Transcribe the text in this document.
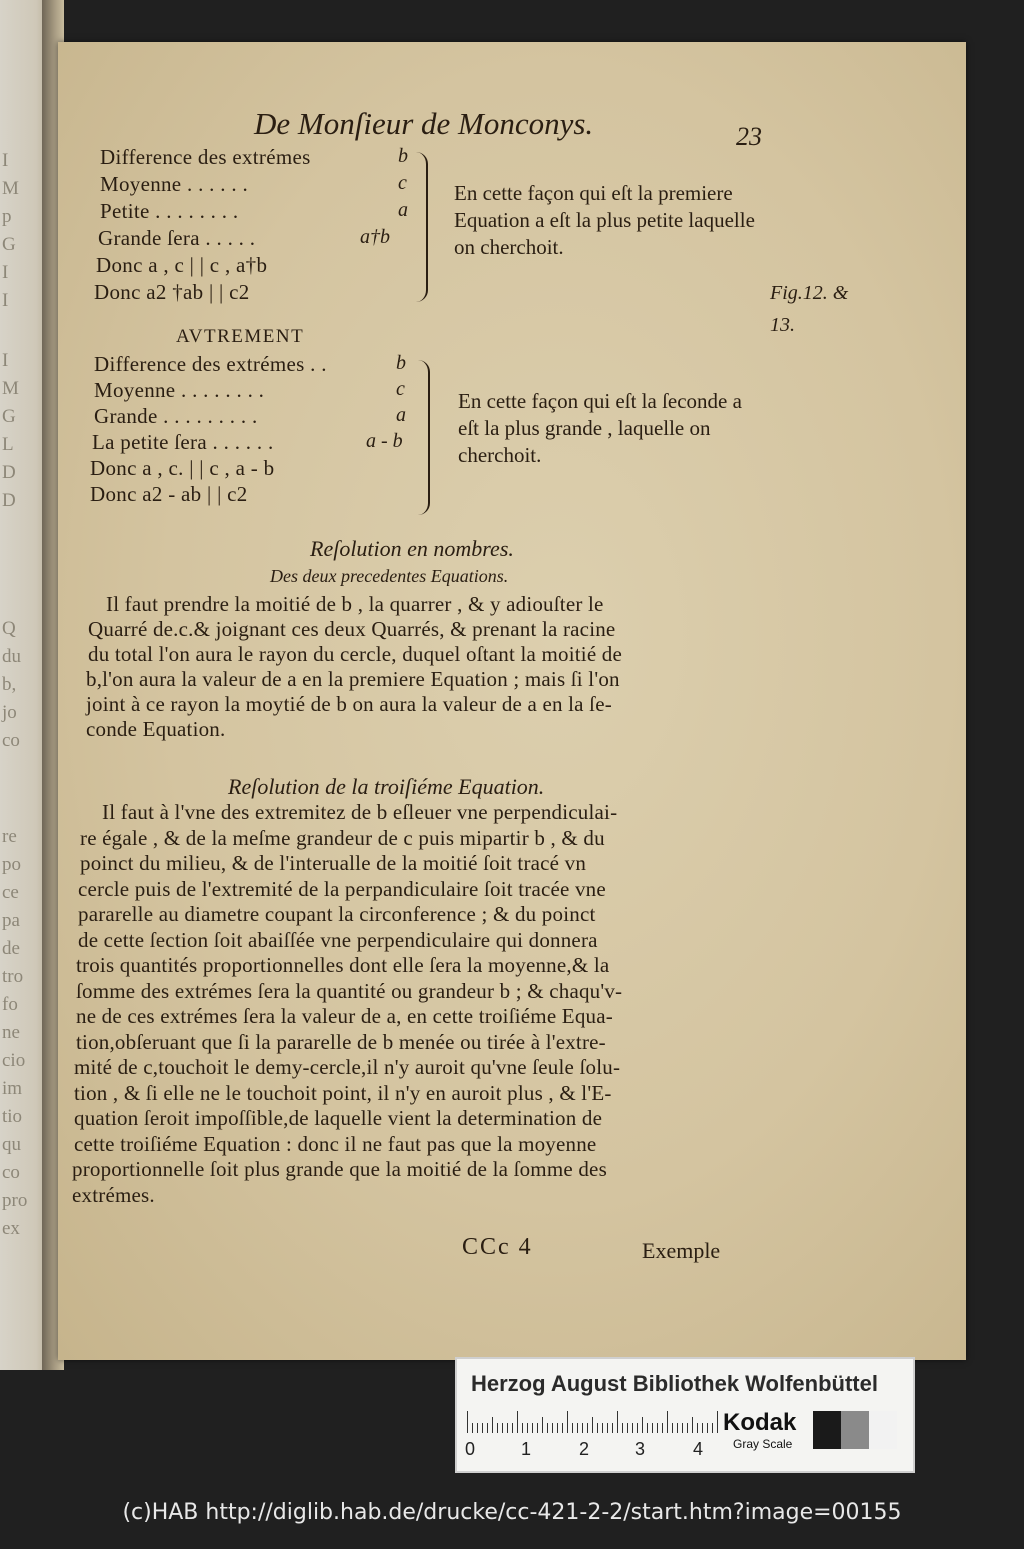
I
M
p
G
I
I
I
M
G
L
D
D
Q
du
b,
jo
co
re
po
ce
pa
de
tro
fo
ne
cio
im
tio
qu
co
pro
ex
De Monſieur de Monconys.	23
Fig.12. &
13.
Difference des extrémes	b
Moyenne . . . . . .	c
Petite . . . . . . . .	a
Grande ſera . . . . .	a†b
Donc a , c | | c , a†b
Donc a2 †ab | | c2
En cette façon qui eſt la premiere Equation a eſt la plus petite laquelle on cherchoit.
AVTREMENT
Difference des extrémes . .	b
Moyenne . . . . . . . .	c
Grande . . . . . . . . .	a
La petite ſera . . . . . .	a - b
Donc a , c. | | c , a - b
Donc a2 - ab | | c2
En cette façon qui eſt la ſeconde a eſt la plus grande , laquelle on cherchoit.
Reſolution en nombres.
Des deux precedentes Equations.
Il faut prendre la moitié de b , la quarrer , & y adiouſter le
Quarré de.c.& joignant ces deux Quarrés, & prenant la racine
du total l'on aura le rayon du cercle, duquel oſtant la moitié de
b,l'on aura la valeur de a en la premiere Equation ; mais ſi l'on
joint à ce rayon la moytié de b on aura la valeur de a en la ſe-
conde Equation.
Reſolution de la troiſiéme Equation.
Il faut à l'vne des extremitez de b eſleuer vne perpendiculai-
re égale , & de la meſme grandeur de c puis mipartir b , & du
poinct du milieu, & de l'interualle de la moitié ſoit tracé vn
cercle puis de l'extremité de la perpandiculaire ſoit tracée vne
pararelle au diametre coupant la circonference ; & du poinct
de cette ſection ſoit abaiſſée vne perpendiculaire qui donnera
trois quantités proportionnelles dont elle ſera la moyenne,& la
ſomme des extrémes ſera la quantité ou grandeur b ; & chaqu'v-
ne de ces extrémes ſera la valeur de a, en cette troiſiéme Equa-
tion,obſeruant que ſi la pararelle de b menée ou tirée à l'extre-
mité de c,touchoit le demy-cercle,il n'y auroit qu'vne ſeule ſolu-
tion , & ſi elle ne le touchoit point, il n'y en auroit plus , & l'E-
quation ſeroit impoſſible,de laquelle vient la determination de
cette troiſiéme Equation : donc il ne faut pas que la moyenne
proportionnelle ſoit plus grande que la moitié de la ſomme des
extrémes.
CCc 4	Exemple
Herzog August Bibliothek Wolfenbüttel
0	1	2	3	4
Kodak
Gray Scale
(c)HAB http://diglib.hab.de/drucke/cc-421-2-2/start.htm?image=00155
